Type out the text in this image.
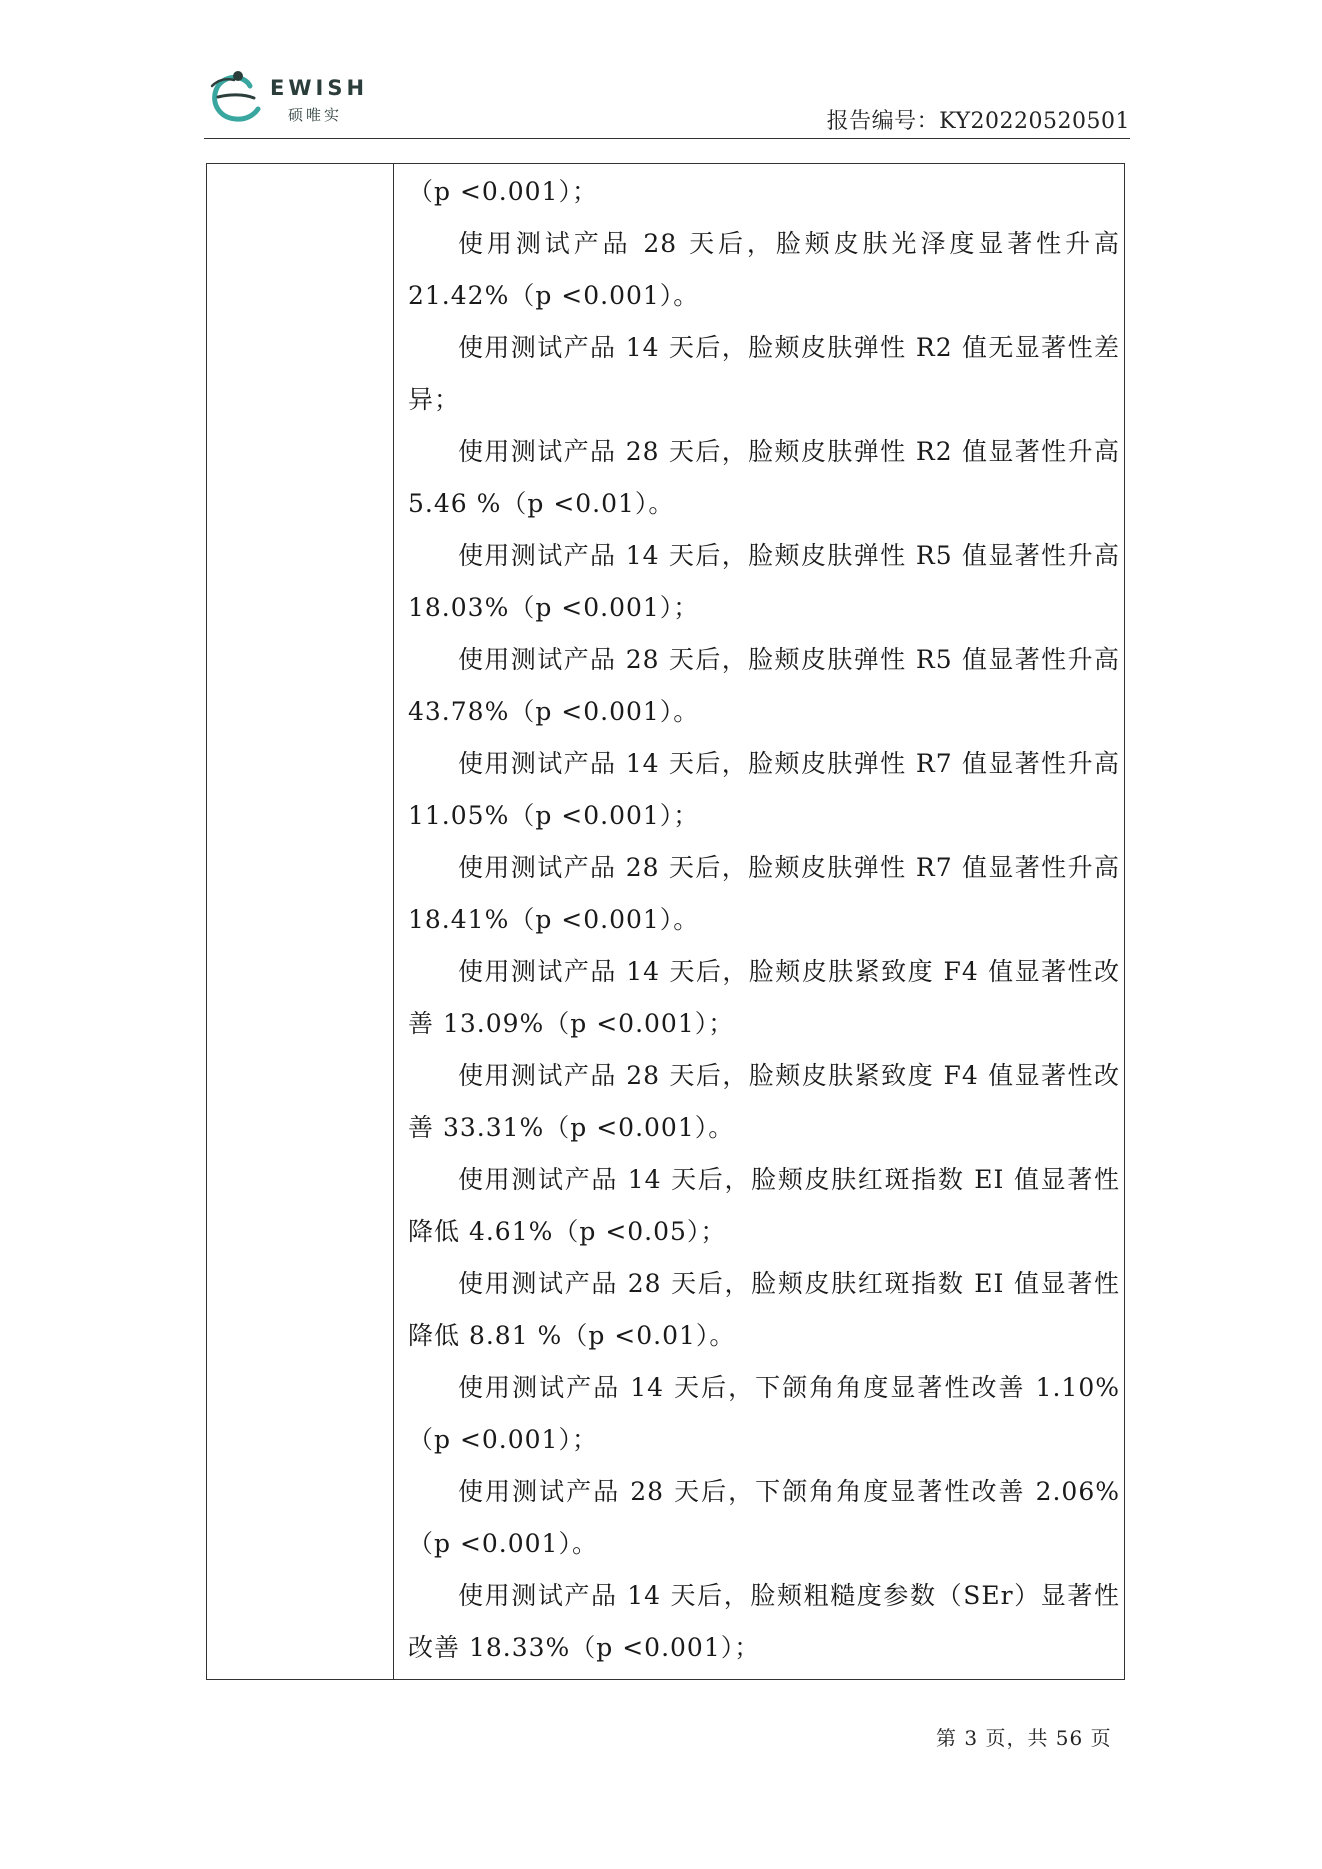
EWISH
硕唯实	报告编号：KY20220520501

（p <0.001）；

使用测试产品 28 天后，脸颊皮肤光泽度显著性升高 21.42%（p <0.001）。

使用测试产品 14 天后，脸颊皮肤弹性 R2 值无显著性差异；

使用测试产品 28 天后，脸颊皮肤弹性 R2 值显著性升高 5.46 %（p <0.01）。

使用测试产品 14 天后，脸颊皮肤弹性 R5 值显著性升高 18.03%（p <0.001）；

使用测试产品 28 天后，脸颊皮肤弹性 R5 值显著性升高 43.78%（p <0.001）。

使用测试产品 14 天后，脸颊皮肤弹性 R7 值显著性升高 11.05%（p <0.001）；

使用测试产品 28 天后，脸颊皮肤弹性 R7 值显著性升高 18.41%（p <0.001）。

使用测试产品 14 天后，脸颊皮肤紧致度 F4 值显著性改善 13.09%（p <0.001）；

使用测试产品 28 天后，脸颊皮肤紧致度 F4 值显著性改善 33.31%（p <0.001）。

使用测试产品 14 天后，脸颊皮肤红斑指数 EI 值显著性降低 4.61%（p <0.05）；

使用测试产品 28 天后，脸颊皮肤红斑指数 EI 值显著性降低 8.81 %（p <0.01）。

使用测试产品 14 天后，下颌角角度显著性改善 1.10%（p <0.001）；

使用测试产品 28 天后，下颌角角度显著性改善 2.06%（p <0.001）。

使用测试产品 14 天后，脸颊粗糙度参数（SEr）显著性改善 18.33%（p <0.001）；

第 3 页，共 56 页
